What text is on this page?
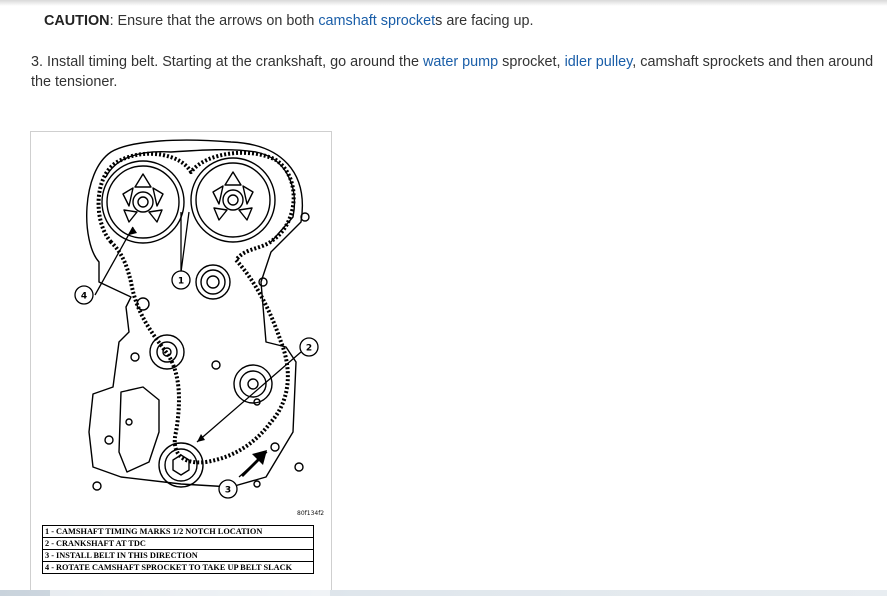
CAUTION: Ensure that the arrows on both camshaft sprockets are facing up.

3. Install timing belt. Starting at the crankshaft, go around the water pump sprocket, idler pulley, camshaft sprockets and then around the tensioner.

1
2
3
4
80f134f2
1 - CAMSHAFT TIMING MARKS 1/2 NOTCH LOCATION
2 - CRANKSHAFT AT TDC
3 - INSTALL BELT IN THIS DIRECTION
4 - ROTATE CAMSHAFT SPROCKET TO TAKE UP BELT SLACK
